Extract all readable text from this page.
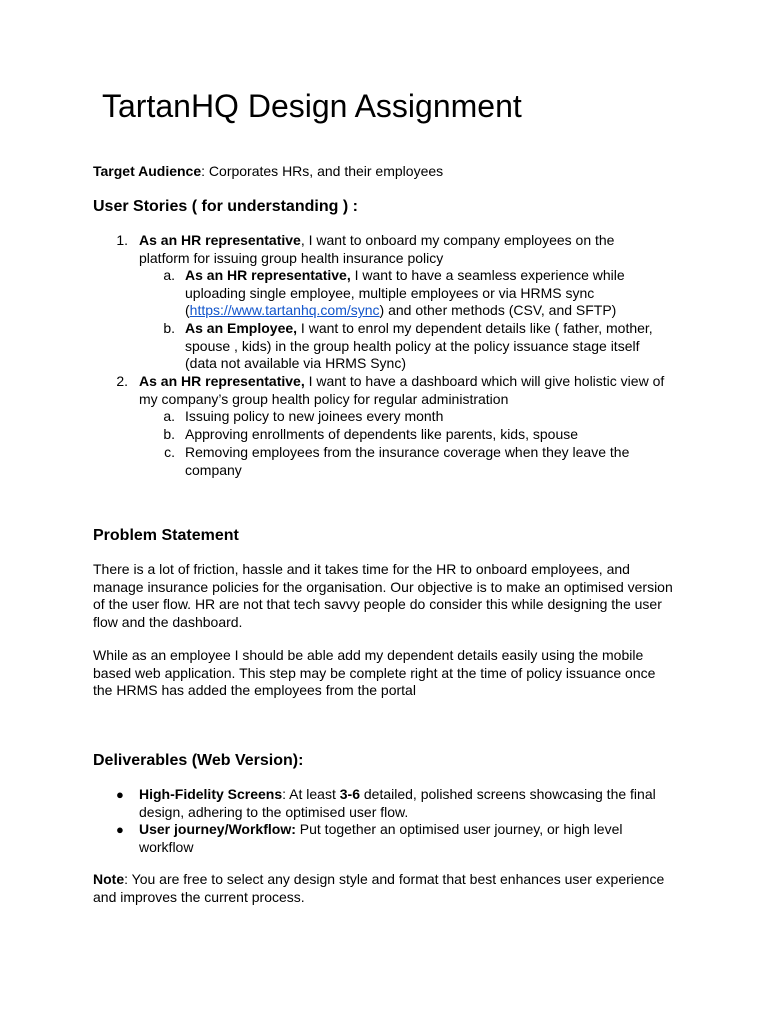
TartanHQ Design Assignment

Target Audience: Corporates HRs, and their employees

User Stories ( for understanding ) :
1. As an HR representative, I want to onboard my company employees on the platform for issuing group health insurance policy

a. As an HR representative, I want to have a seamless experience while uploading single employee, multiple employees or via HRMS sync (https://www.tartanhq.com/sync) and other methods (CSV, and SFTP)

b. As an Employee, I want to enrol my dependent details like ( father, mother, spouse , kids) in the group health policy at the policy issuance stage itself (data not available via HRMS Sync)

2. As an HR representative, I want to have a dashboard which will give holistic view of my company’s group health policy for regular administration

a. Issuing policy to new joinees every month

b. Approving enrollments of dependents like parents, kids, spouse

c. Removing employees from the insurance coverage when they leave the company

Problem Statement

There is a lot of friction, hassle and it takes time for the HR to onboard employees, and manage insurance policies for the organisation. Our objective is to make an optimised version of the user flow. HR are not that tech savvy people do consider this while designing the user flow and the dashboard.

While as an employee I should be able add my dependent details easily using the mobile based web application. This step may be complete right at the time of policy issuance once the HRMS has added the employees from the portal

Deliverables (Web Version):
● High-Fidelity Screens: At least 3-6 detailed, polished screens showcasing the final design, adhering to the optimised user flow.

● User journey/Workflow: Put together an optimised user journey, or high level workflow

Note: You are free to select any design style and format that best enhances user experience and improves the current process.
